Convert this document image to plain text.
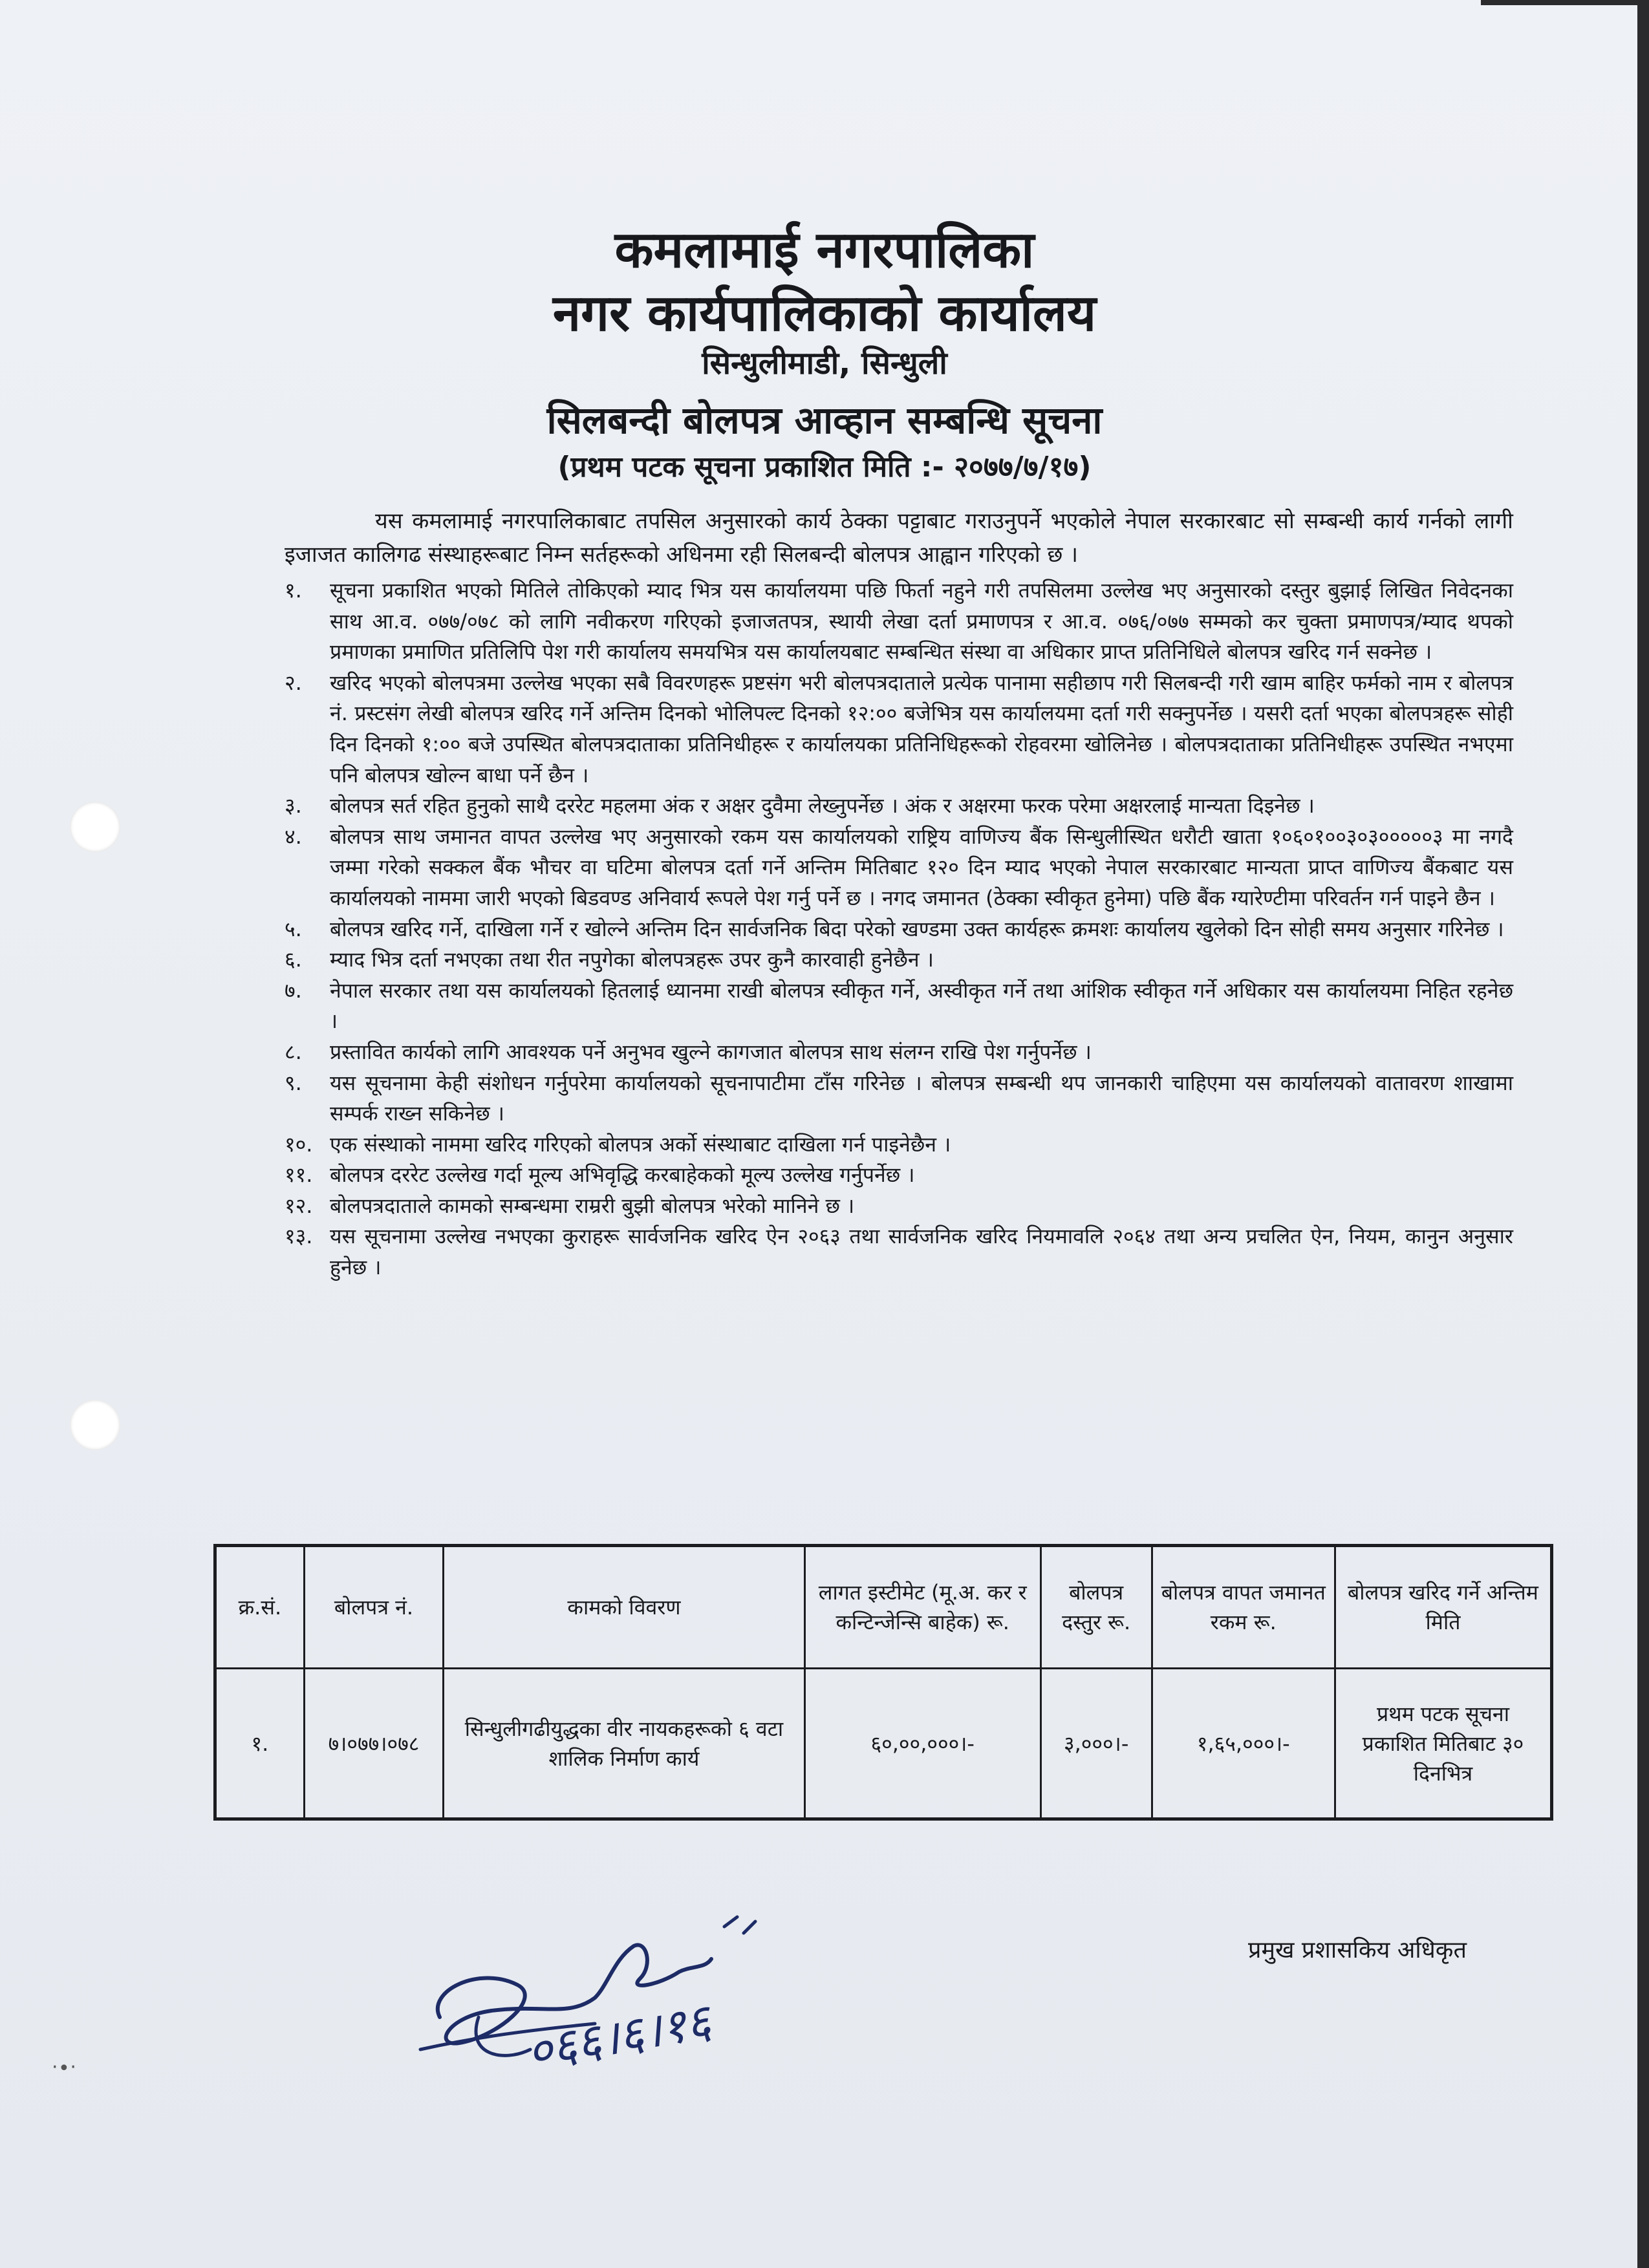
कमलामाई नगरपालिका
नगर कार्यपालिकाको कार्यालय
सिन्धुलीमाडी, सिन्धुली
सिलबन्दी बोलपत्र आव्हान सम्बन्धि सूचना
(प्रथम पटक सूचना प्रकाशित मिति :- २०७७/७/१७)

यस कमलामाई नगरपालिकाबाट तपसिल अनुसारको कार्य ठेक्का पट्टाबाट गराउनुपर्ने भएकोले नेपाल सरकारबाट सो सम्बन्धी कार्य गर्नको लागी इजाजत कालिगढ संस्थाहरूबाट निम्न सर्तहरूको अधिनमा रही सिलबन्दी बोलपत्र आह्वान गरिएको छ ।

१. सूचना प्रकाशित भएको मितिले तोकिएको म्याद भित्र यस कार्यालयमा पछि फिर्ता नहुने गरी तपसिलमा उल्लेख भए अनुसारको दस्तुर बुझाई लिखित निवेदनका साथ आ.व. ०७७/०७८ को लागि नवीकरण गरिएको इजाजतपत्र, स्थायी लेखा दर्ता प्रमाणपत्र र आ.व. ०७६/०७७ सम्मको कर चुक्ता प्रमाणपत्र/म्याद थपको प्रमाणका प्रमाणित प्रतिलिपि पेश गरी कार्यालय समयभित्र यस कार्यालयबाट सम्बन्धित संस्था वा अधिकार प्राप्त प्रतिनिधिले बोलपत्र खरिद गर्न सक्नेछ ।

२. खरिद भएको बोलपत्रमा उल्लेख भएका सबै विवरणहरू प्रष्टसंग भरी बोलपत्रदाताले प्रत्येक पानामा सहीछाप गरी सिलबन्दी गरी खाम बाहिर फर्मको नाम र बोलपत्र नं. प्रस्टसंग लेखी बोलपत्र खरिद गर्ने अन्तिम दिनको भोलिपल्ट दिनको १२:०० बजेभित्र यस कार्यालयमा दर्ता गरी सक्नुपर्नेछ । यसरी दर्ता भएका बोलपत्रहरू सोही दिन दिनको १:०० बजे उपस्थित बोलपत्रदाताका प्रतिनिधीहरू र कार्यालयका प्रतिनिधिहरूको रोहवरमा खोलिनेछ । बोलपत्रदाताका प्रतिनिधीहरू उपस्थित नभएमा पनि बोलपत्र खोल्न बाधा पर्ने छैन ।

३. बोलपत्र सर्त रहित हुनुको साथै दररेट महलमा अंक र अक्षर दुवैमा लेख्नुपर्नेछ । अंक र अक्षरमा फरक परेमा अक्षरलाई मान्यता दिइनेछ ।

४. बोलपत्र साथ जमानत वापत उल्लेख भए अनुसारको रकम यस कार्यालयको राष्ट्रिय वाणिज्य बैंक सिन्धुलीस्थित धरौटी खाता १०६०१००३०३०००००३ मा नगदै जम्मा गरेको सक्कल बैंक भौचर वा घटिमा बोलपत्र दर्ता गर्ने अन्तिम मितिबाट १२० दिन म्याद भएको नेपाल सरकारबाट मान्यता प्राप्त वाणिज्य बैंकबाट यस कार्यालयको नाममा जारी भएको बिडवण्ड अनिवार्य रूपले पेश गर्नु पर्ने छ । नगद जमानत (ठेक्का स्वीकृत हुनेमा) पछि बैंक ग्यारेण्टीमा परिवर्तन गर्न पाइने छैन ।

५. बोलपत्र खरिद गर्ने, दाखिला गर्ने र खोल्ने अन्तिम दिन सार्वजनिक बिदा परेको खण्डमा उक्त कार्यहरू क्रमशः कार्यालय खुलेको दिन सोही समय अनुसार गरिनेछ ।

६. म्याद भित्र दर्ता नभएका तथा रीत नपुगेका बोलपत्रहरू उपर कुनै कारवाही हुनेछैन ।

७. नेपाल सरकार तथा यस कार्यालयको हितलाई ध्यानमा राखी बोलपत्र स्वीकृत गर्ने, अस्वीकृत गर्ने तथा आंशिक स्वीकृत गर्ने अधिकार यस कार्यालयमा निहित रहनेछ ।

८. प्रस्तावित कार्यको लागि आवश्यक पर्ने अनुभव खुल्ने कागजात बोलपत्र साथ संलग्न राखि पेश गर्नुपर्नेछ ।

९. यस सूचनामा केही संशोधन गर्नुपरेमा कार्यालयको सूचनापाटीमा टाँस गरिनेछ । बोलपत्र सम्बन्धी थप जानकारी चाहिएमा यस कार्यालयको वातावरण शाखामा सम्पर्क राख्न सकिनेछ ।

१०. एक संस्थाको नाममा खरिद गरिएको बोलपत्र अर्को संस्थाबाट दाखिला गर्न पाइनेछैन ।

११. बोलपत्र दररेट उल्लेख गर्दा मूल्य अभिवृद्धि करबाहेकको मूल्य उल्लेख गर्नुपर्नेछ ।

१२. बोलपत्रदाताले कामको सम्बन्धमा राम्ररी बुझी बोलपत्र भरेको मानिने छ ।

१३. यस सूचनामा उल्लेख नभएका कुराहरू सार्वजनिक खरिद ऐन २०६३ तथा सार्वजनिक खरिद नियमावलि २०६४ तथा अन्य प्रचलित ऐन, नियम, कानुन अनुसार हुनेछ ।

क्र.सं.	बोलपत्र नं.	कामको विवरण	लागत इस्टीमेट (मू.अ. कर र कन्टिन्जेन्सि बाहेक) रू.	बोलपत्र दस्तुर रू.	बोलपत्र वापत जमानत रकम रू.	बोलपत्र खरिद गर्ने अन्तिम मिति
१.	७।०७७।०७८	सिन्धुलीगढीयुद्धका वीर नायकहरूको ६ वटा शालिक निर्माण कार्य	६०,००,०००।-	३,०००।-	१,६५,०००।-	प्रथम पटक सूचना प्रकाशित मितिबाट ३० दिनभित्र
०६६।६।१६
प्रमुख प्रशासकिय अधिकृत
·∙·
